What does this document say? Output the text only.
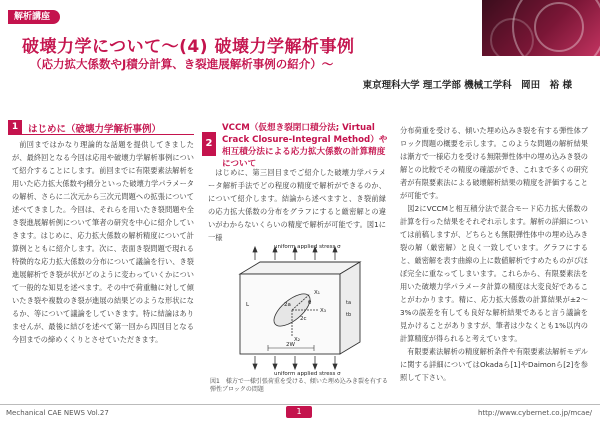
解析講座
破壊力学について～(4) 破壊力学解析事例
（応力拡大係数やJ積分計算、き裂進展解析事例の紹介）～
東京理科大学 理工学部 機械工学科　岡田　裕 様
1	はじめに（破壊力学解析事例）

前回まではかなり理論的な話題を提供してきましたが、最終回となる今回は応用や破壊力学解析事例について紹介することにします。前回までに有限要素法解析を用いた応力拡大係数やJ積分といった破壊力学パラメータの解析、さらに二次元から三次元問題への拡張について述べてきました。今回は、それらを用いたき裂問題や全き裂進展解析例について筆者の研究を中心に紹介していきます。はじめに、応力拡大係数の解析精度について計算例とともに紹介します。次に、表面き裂問題で現れる特徴的な応力拡大係数の分布について議論を行い、き裂進展解析でき裂が状がどのように変わっていくかについて一般的な知見を述べます。その中で荷重軸に対して傾いたき裂や複数のき裂が進展の結果どのような形状になるか、等について議論をしていきます。特に結論はありませんが、最後に結びを述べて第一回から四回目となる今回までの締めくくりとさせていただきます。

2
VCCM（仮想き裂閉口積分法; Virtual Crack Closure-Integral Method）や相互積分法による応力拡大係数の計算精度について

はじめに、第三回目までご紹介した破壊力学パラメータ解析手法でどの程度の精度で解析ができるのか、について紹介します。結論から述べますと、き裂前縁の応力拡大係数の分布をグラフにすると厳密解との違いがわからないくらいの精度で解析が可能です。図1に一様

uniform applied stress σ
X₁
X₂
X₃
2a
2c
θ
L	ta
tb
2W
uniform applied stress σ
図1　様方で一様引張荷重を受ける、傾いた埋め込みき裂を有する弾性ブロックの問題

分布荷重を受ける、傾いた埋め込みき裂を有する弾性体ブロック問題の概要を示します。このような問題の解析結果は漸方で一様応力を受ける無限弾性体中の埋め込みき裂の解との比較でその精度の確認ができ、これまで多くの研究者が有限要素法による破壊解析結果の精度を評価することが可能です。

図2にVCCMと相互積分法で混合モード応力拡大係数の計算を行った結果をそれぞれ示します。解析の詳細については前稿しますが、どちらとも無限弾性体中の埋め込みき裂の解（厳密解）と良く一致しています。グラフにすると、厳密解を表す曲線の上に数値解析ですめたものがぴほぼ完全に重なってしまいます。これらから、有限要素法を用いた破壊力学パラメータ計算の精度は大変良好であることがわかります。精に、応力拡大係数の計算結果が±2～3%の誤差を有しても良好な解析結果であると言う議論を見かけることがありますが、筆者は少なくとも1%以内の計算精度が得られると考えています。

有限要素法解析の精度解析条件や有限要素法解析モデルに関する詳細についてはOkadaら[1]やDaimonら[2]を参照して下さい。

Mechanical CAE NEWS Vol.27	1	http://www.cybernet.co.jp/mcae/
